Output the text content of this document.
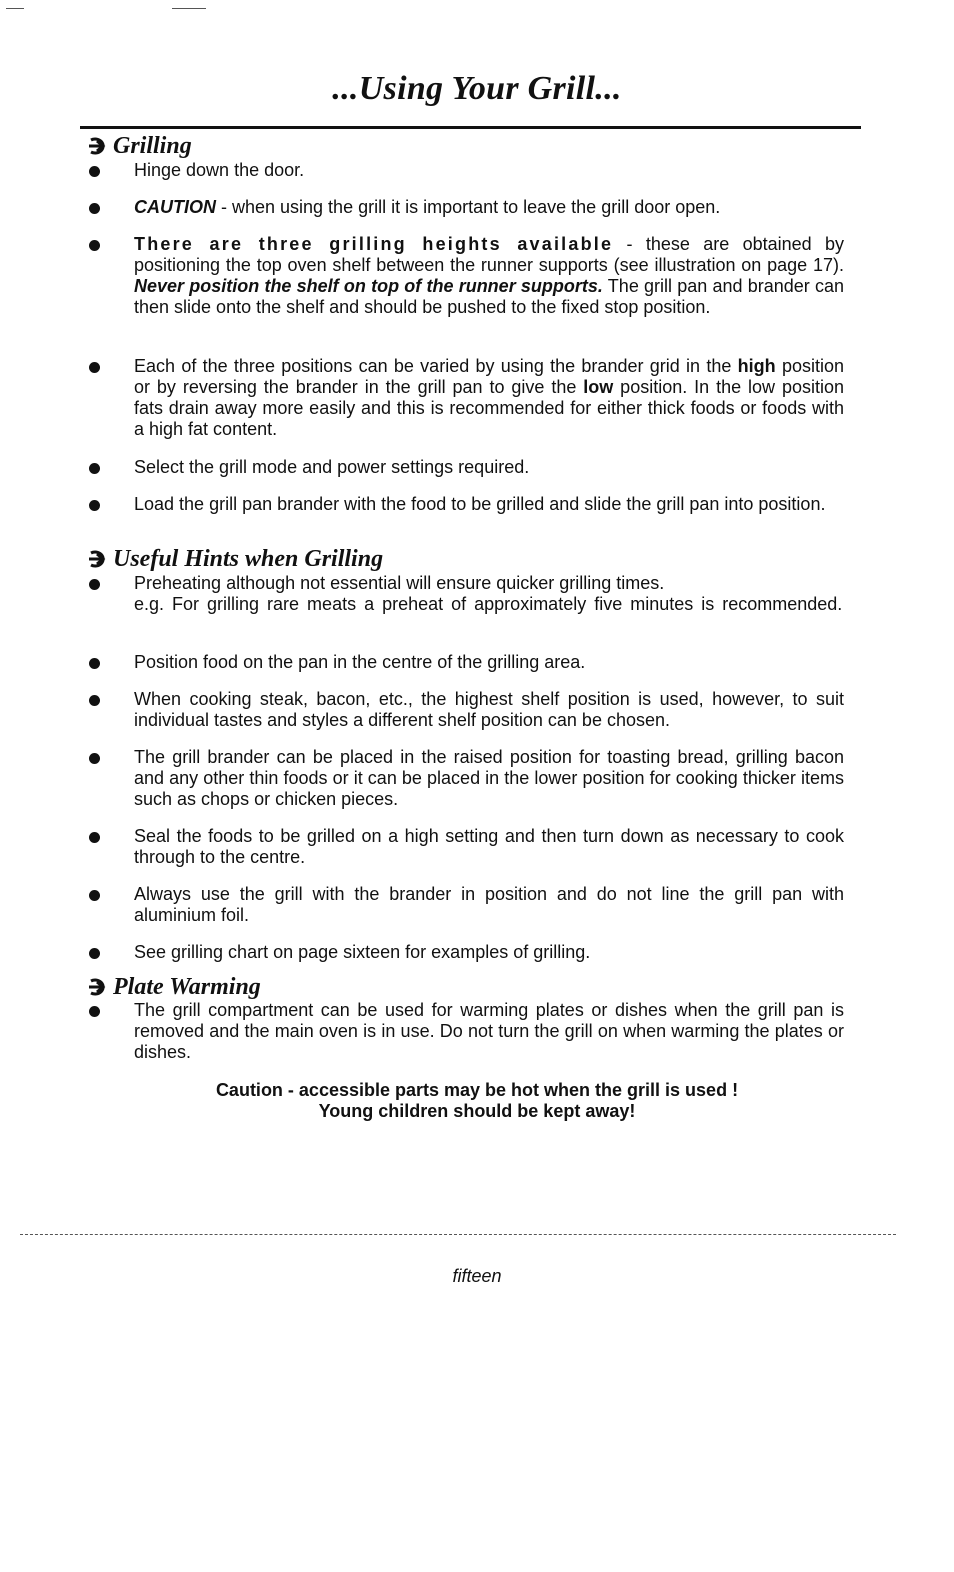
...Using Your Grill...
Grilling
Hinge down the door.
CAUTION - when using the grill it is important to leave the grill door open.
There are three grilling heights available - these are obtained by positioning the top oven shelf between the runner supports (see illustration on page 17). Never position the shelf on top of the runner supports. The grill pan and brander can then slide onto the shelf and should be pushed to the fixed stop position.
Each of the three positions can be varied by using the brander grid in the high position or by reversing the brander in the grill pan to give the low position. In the low position fats drain away more easily and this is recommended for either thick foods or foods with a high fat content.
Select the grill mode and power settings required.
Load the grill pan brander with the food to be grilled and slide the grill pan into position.
Useful Hints when Grilling
Preheating although not essential will ensure quicker grilling times.
e.g. For grilling rare meats a preheat of approximately five minutes is recommended.
Position food on the pan in the centre of the grilling area.
When cooking steak, bacon, etc., the highest shelf position is used, however, to suit individual tastes and styles a different shelf position can be chosen.
The grill brander can be placed in the raised position for toasting bread, grilling bacon and any other thin foods or it can be placed in the lower position for cooking thicker items such as chops or chicken pieces.
Seal the foods to be grilled on a high setting and then turn down as necessary to cook through to the centre.
Always use the grill with the brander in position and do not line the grill pan with aluminium foil.
See grilling chart on page sixteen for examples of grilling.
Plate Warming
The grill compartment can be used for warming plates or dishes when the grill pan is removed and the main oven is in use. Do not turn the grill on when warming the plates or dishes.
Caution - accessible parts may be hot when the grill is used !
Young children should be kept away!
fifteen
